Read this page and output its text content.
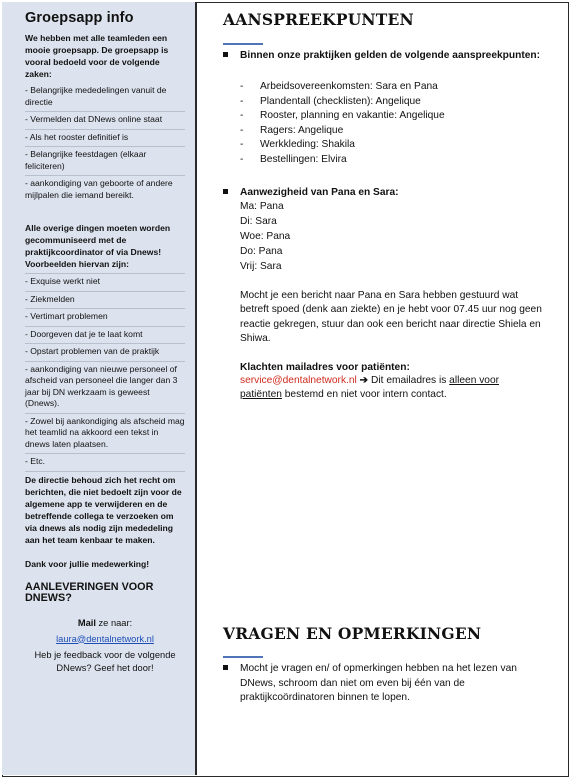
Groepsapp info
We hebben met alle teamleden een mooie groepsapp. De groepsapp is vooral bedoeld voor de volgende zaken:
- Belangrijke mededelingen vanuit de directie
- Vermelden dat DNews online staat
- Als het rooster definitief is
- Belangrijke feestdagen (elkaar feliciteren)
- aankondiging van geboorte of andere mijlpalen die iemand bereikt.
Alle overige dingen moeten worden gecommuniseerd met de praktijkcoordinator of via Dnews! Voorbeelden hiervan zijn:
- Exquise werkt niet
- Ziekmelden
- Vertimart problemen
- Doorgeven dat je te laat komt
- Opstart problemen van de praktijk
- aankondiging van nieuwe personeel of afscheid van personeel die langer dan 3 jaar bij DN werkzaam is geweest (Dnews).
- Zowel bij aankondiging als afscheid mag het teamlid na akkoord een tekst in dnews laten plaatsen.
- Etc.
De directie behoud zich het recht om berichten, die niet bedoelt zijn voor de algemene app te verwijderen en de betreffende collega te verzoeken om via dnews als nodig zijn mededeling aan het team kenbaar te maken.
Dank voor jullie medewerking!
AANLEVERINGEN VOOR DNEWS?
Mail ze naar:
laura@dentalnetwork.nl
Heb je feedback voor de volgende DNews? Geef het door!
AANSPREEKPUNTEN
Binnen onze praktijken gelden de volgende aanspreekpunten:
- Arbeidsovereenkomsten: Sara en Pana
- Plandentall (checklisten): Angelique
- Rooster, planning en vakantie: Angelique
- Ragers: Angelique
- Werkkleding: Shakila
- Bestellingen: Elvira
Aanwezigheid van Pana en Sara:
Ma: Pana
Di: Sara
Woe: Pana
Do: Pana
Vrij: Sara
Mocht je een bericht naar Pana en Sara hebben gestuurd wat betreft spoed (denk aan ziekte) en je hebt voor 07.45 uur nog geen reactie gekregen, stuur dan ook een bericht naar directie Shiela en Shiwa.
Klachten mailadres voor patiënten:
service@dentalnetwork.nl ➔ Dit emailadres is alleen voor patiënten bestemd en niet voor intern contact.
VRAGEN EN OPMERKINGEN
Mocht je vragen en/ of opmerkingen hebben na het lezen van DNews, schroom dan niet om even bij één van de praktijkcoördinatoren binnen te lopen.
